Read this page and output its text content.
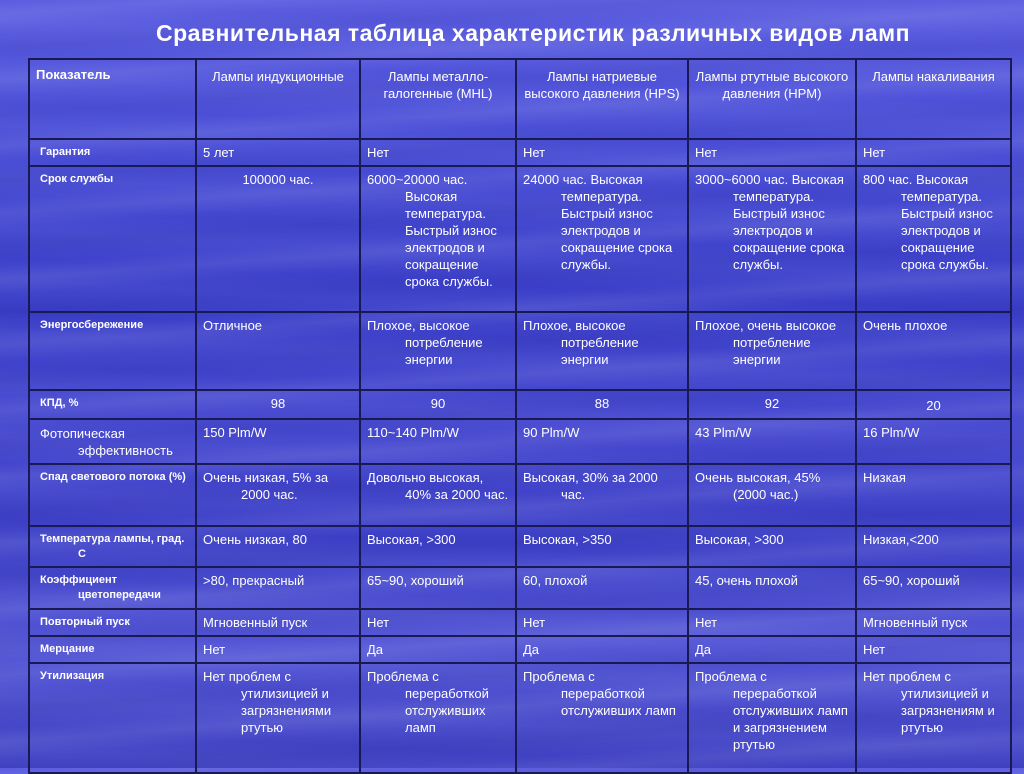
Сравнительная таблица характеристик различных видов ламп
Показатель	Лампы индукционные	Лампы металло-галогенные (MHL)	Лампы натриевые высокого давления (HPS)	Лампы ртутные высокого давления (HPM)	Лампы накаливания
Гарантия	5 лет	Нет	Нет	Нет	Нет
Срок службы	100000 час.	6000~20000 час. Высокая температура. Быстрый износ электродов и сокращение срока службы.	24000 час. Высокая температура. Быстрый износ электродов и сокращение срока службы.	3000~6000 час. Высокая температура. Быстрый износ электродов и сокращение срока службы.	800 час. Высокая температура. Быстрый износ электродов и сокращение срока службы.

Энергосбережение	Отличное	Плохое, высокое потребление энергии	Плохое, высокое потребление энергии	Плохое, очень высокое потребление энергии	Очень плохое
КПД, %	98	90	88	92	20

Фотопическая эффективность	150 Plm/W	110~140 Plm/W	90 Plm/W	43 Plm/W	16 Plm/W

Спад светового потока (%)	Очень низкая, 5% за 2000 час.	Довольно высокая, 40% за 2000 час.	Высокая, 30% за 2000 час.	Очень высокая, 45% (2000 час.)	Низкая

Температура лампы, град. С	Очень низкая, 80	Высокая, >300	Высокая, >350	Высокая, >300	Низкая,<200

Коэффициент цветопередачи	>80, прекрасный	65~90, хороший	60, плохой	45, очень плохой	65~90, хороший
Повторный пуск	Мгновенный пуск	Нет	Нет	Нет	Мгновенный пуск
Мерцание	Нет	Да	Да	Да	Нет
Утилизация	Нет проблем с утилизицией и загрязнениями ртутью	Проблема с переработкой отслуживших ламп	Проблема с переработкой отслуживших ламп	Проблема с переработкой отслуживших ламп и загрязнением ртутью	Нет проблем с утилизицией и загрязнениям и ртутью
